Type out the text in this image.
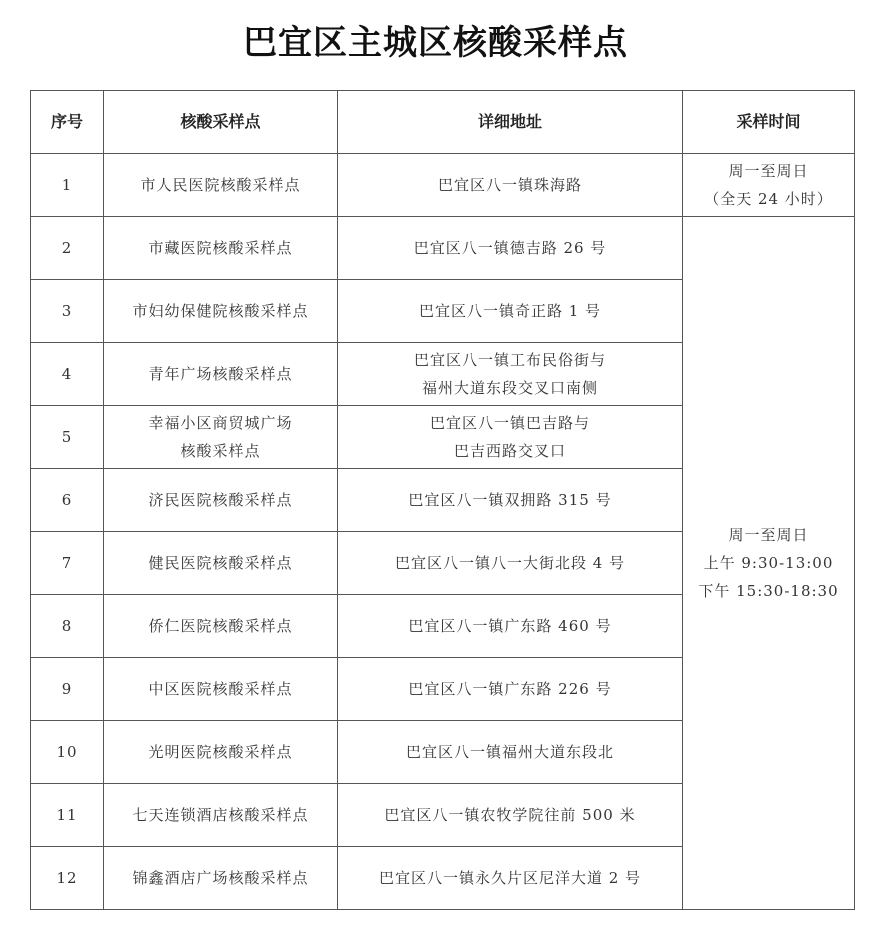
巴宜区主城区核酸采样点
序号	核酸采样点	详细地址	采样时间
1	市人民医院核酸采样点	巴宜区八一镇珠海路	周一至周日
（全天 24 小时）

2	市藏医院核酸采样点	巴宜区八一镇德吉路 26 号	周一至周日
上午 9:30-13:00
下午 15:30-18:30

3	市妇幼保健院核酸采样点	巴宜区八一镇奇正路 1 号	

4	青年广场核酸采样点	巴宜区八一镇工布民俗街与
福州大道东段交叉口南侧	

5	幸福小区商贸城广场
核酸采样点	巴宜区八一镇巴吉路与
巴吉西路交叉口	

6	济民医院核酸采样点	巴宜区八一镇双拥路 315 号	

7	健民医院核酸采样点	巴宜区八一镇八一大街北段 4 号	

8	侨仁医院核酸采样点	巴宜区八一镇广东路 460 号	

9	中区医院核酸采样点	巴宜区八一镇广东路 226 号	

10	光明医院核酸采样点	巴宜区八一镇福州大道东段北	

11	七天连锁酒店核酸采样点	巴宜区八一镇农牧学院往前 500 米	

12	锦鑫酒店广场核酸采样点	巴宜区八一镇永久片区尼洋大道 2 号	
